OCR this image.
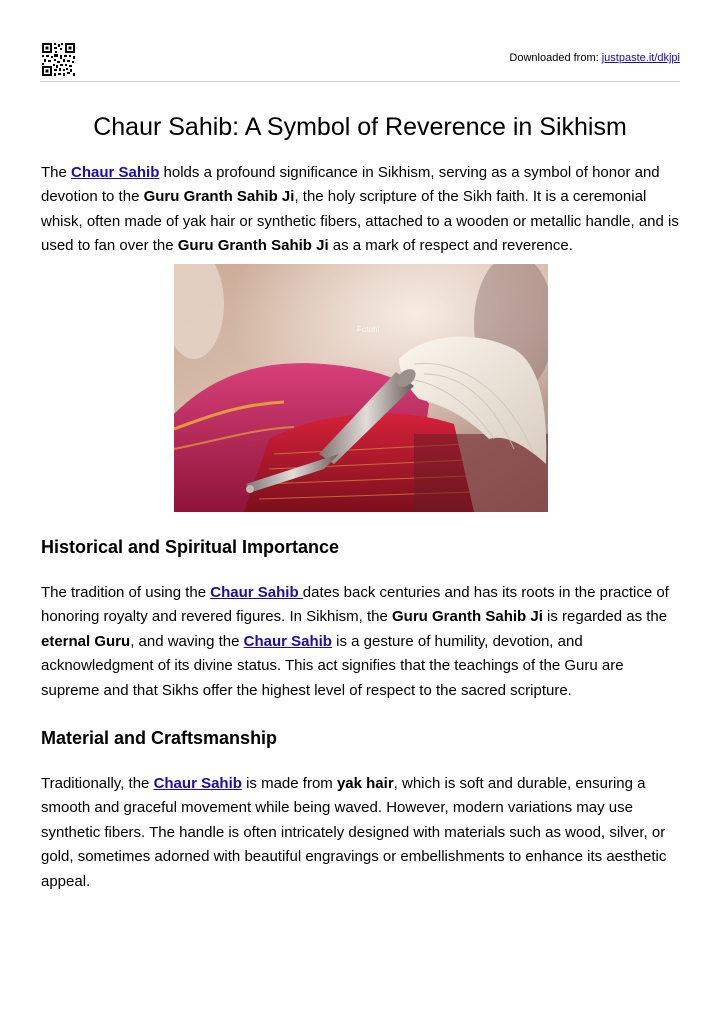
Downloaded from: justpaste.it/dkjpi
Chaur Sahib: A Symbol of Reverence in Sikhism

The Chaur Sahib holds a profound significance in Sikhism, serving as a symbol of honor and devotion to the Guru Granth Sahib Ji, the holy scripture of the Sikh faith. It is a ceremonial whisk, often made of yak hair or synthetic fibers, attached to a wooden or metallic handle, and is used to fan over the Guru Granth Sahib Ji as a mark of respect and reverence.

Fotohi
Historical and Spiritual Importance

The tradition of using the Chaur Sahib dates back centuries and has its roots in the practice of honoring royalty and revered figures. In Sikhism, the Guru Granth Sahib Ji is regarded as the eternal Guru, and waving the Chaur Sahib is a gesture of humility, devotion, and acknowledgment of its divine status. This act signifies that the teachings of the Guru are supreme and that Sikhs offer the highest level of respect to the sacred scripture.

Material and Craftsmanship

Traditionally, the Chaur Sahib is made from yak hair, which is soft and durable, ensuring a smooth and graceful movement while being waved. However, modern variations may use synthetic fibers. The handle is often intricately designed with materials such as wood, silver, or gold, sometimes adorned with beautiful engravings or embellishments to enhance its aesthetic appeal.
